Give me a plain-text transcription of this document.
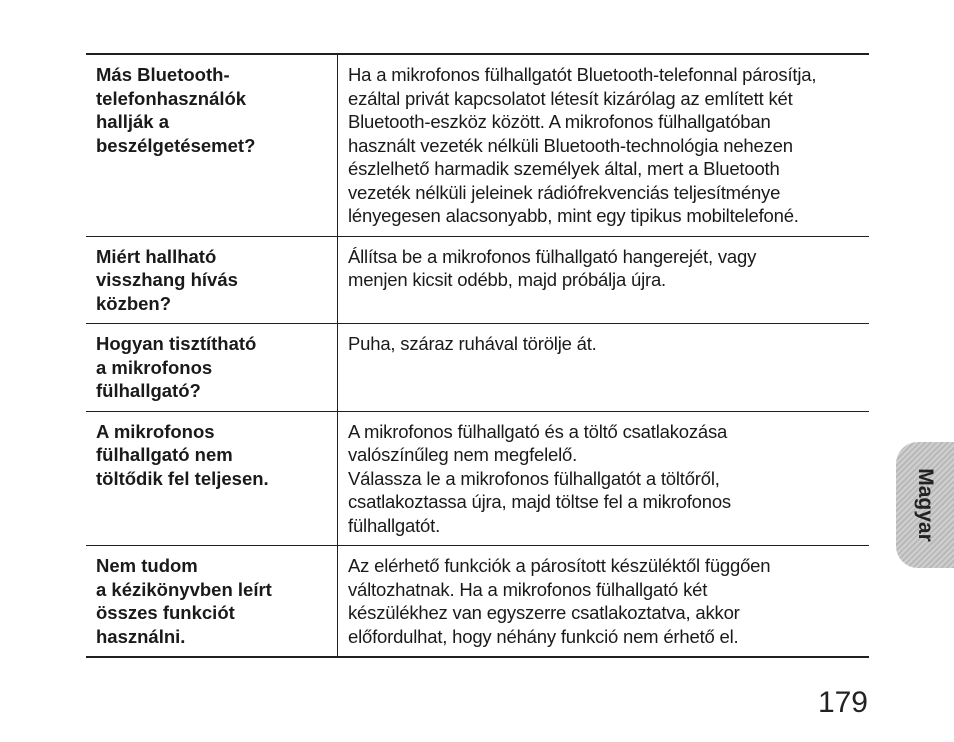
Más Bluetooth-
telefonhasználók
hallják a
beszélgetésemet?
Ha a mikrofonos fülhallgatót Bluetooth-telefonnal párosítja,
ezáltal privát kapcsolatot létesít kizárólag az említett két
Bluetooth-eszköz között. A mikrofonos fülhallgatóban
használt vezeték nélküli Bluetooth-technológia nehezen
észlelhető harmadik személyek által, mert a Bluetooth
vezeték nélküli jeleinek rádiófrekvenciás teljesítménye
lényegesen alacsonyabb, mint egy tipikus mobiltelefoné.
Miért hallható
visszhang hívás
közben?
Állítsa be a mikrofonos fülhallgató hangerejét, vagy
menjen kicsit odébb, majd próbálja újra.
Hogyan tisztítható
a mikrofonos
fülhallgató?
Puha, száraz ruhával törölje át.
A mikrofonos
fülhallgató nem
töltődik fel teljesen.
A mikrofonos fülhallgató és a töltő csatlakozása
valószínűleg nem megfelelő.
Válassza le a mikrofonos fülhallgatót a töltőről,
csatlakoztassa újra, majd töltse fel a mikrofonos
fülhallgatót.
Nem tudom
a kézikönyvben leírt
összes funkciót
használni.
Az elérhető funkciók a párosított készüléktől függően
változhatnak. Ha a mikrofonos fülhallgató két
készülékhez van egyszerre csatlakoztatva, akkor
előfordulhat, hogy néhány funkció nem érhető el.
Magyar
179
